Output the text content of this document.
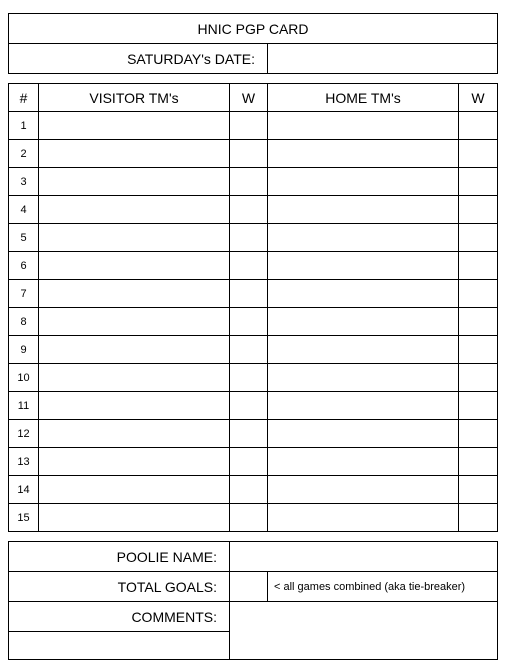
HNIC PGP CARD
SATURDAY's DATE:	
#	VISITOR TM's	W	HOME TM's	W
1				
2				
3				
4				
5				
6				
7				
8				
9				
10				
11				
12				
13				
14				
15				
POOLIE NAME:		
TOTAL GOALS:		< all games combined (aka tie-breaker)
COMMENTS:		
